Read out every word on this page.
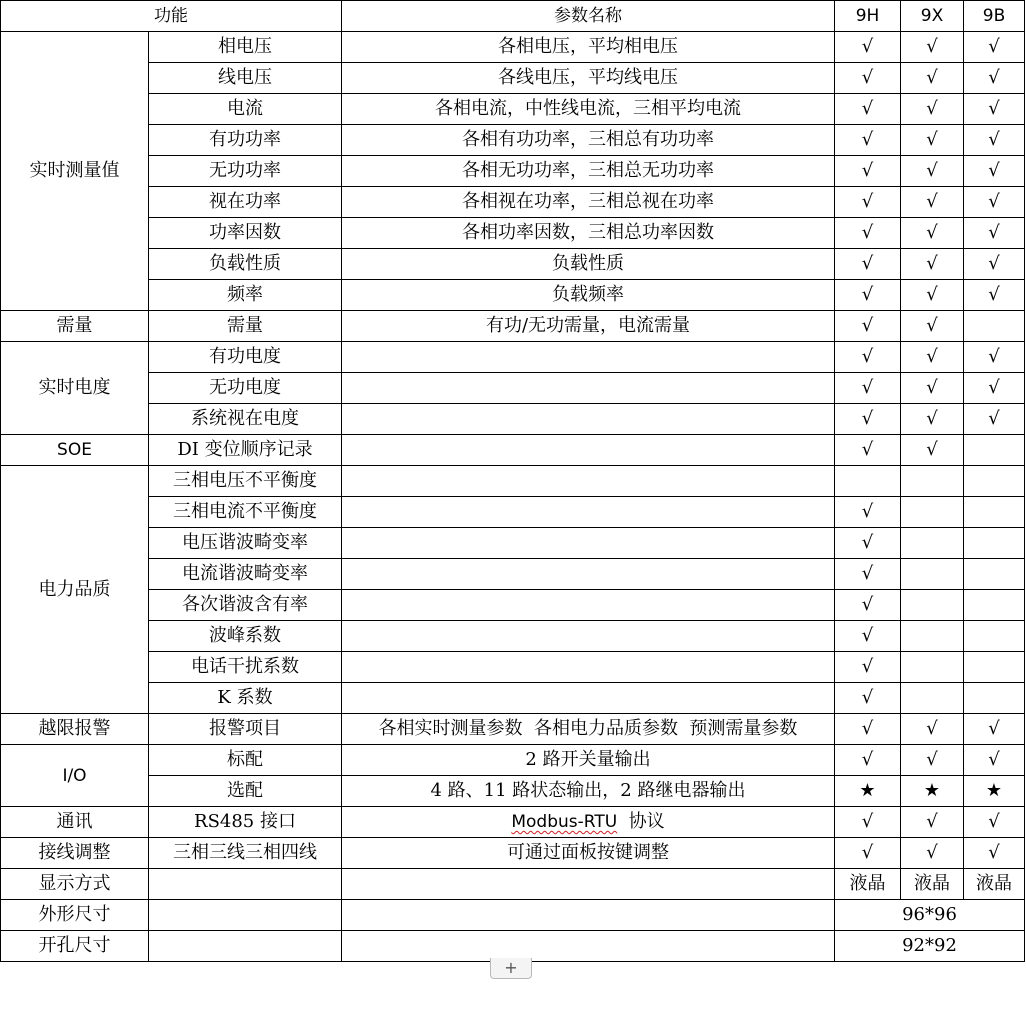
功能		参数名称	9H	9X	9B
实时测量值	相电压	各相电压，平均相电压	√	√	√
	线电压	各线电压，平均线电压	√	√	√
	电流	各相电流，中性线电流，三相平均电流	√	√	√
	有功功率	各相有功功率，三相总有功功率	√	√	√
	无功功率	各相无功功率，三相总无功功率	√	√	√
	视在功率	各相视在功率，三相总视在功率	√	√	√
	功率因数	各相功率因数，三相总功率因数	√	√	√
	负载性质	负载性质	√	√	√
	频率	负载频率	√	√	√
需量	需量	有功/无功需量，电流需量	√	√	
实时电度	有功电度		√	√	√
	无功电度		√	√	√
	系统视在电度		√	√	√
SOE	DI 变位顺序记录		√	√	
电力品质	三相电压不平衡度				
	三相电流不平衡度		√		
	电压谐波畸变率		√		
	电流谐波畸变率		√		
	各次谐波含有率		√		
	波峰系数		√		
	电话干扰系数		√		
	K 系数		√		
越限报警	报警项目	各相实时测量参数  各相电力品质参数  预测需量参数	√	√	√
I/O	标配	2 路开关量输出	√	√	√
	选配	4 路、11 路状态输出，2 路继电器输出	★	★	★
通讯	RS485 接口	Modbus-RTU  协议	√	√	√
接线调整	三相三线三相四线	可通过面板按键调整	√	√	√
显示方式			液晶	液晶	液晶
外形尺寸			96*96		
开孔尺寸			92*92		
+
